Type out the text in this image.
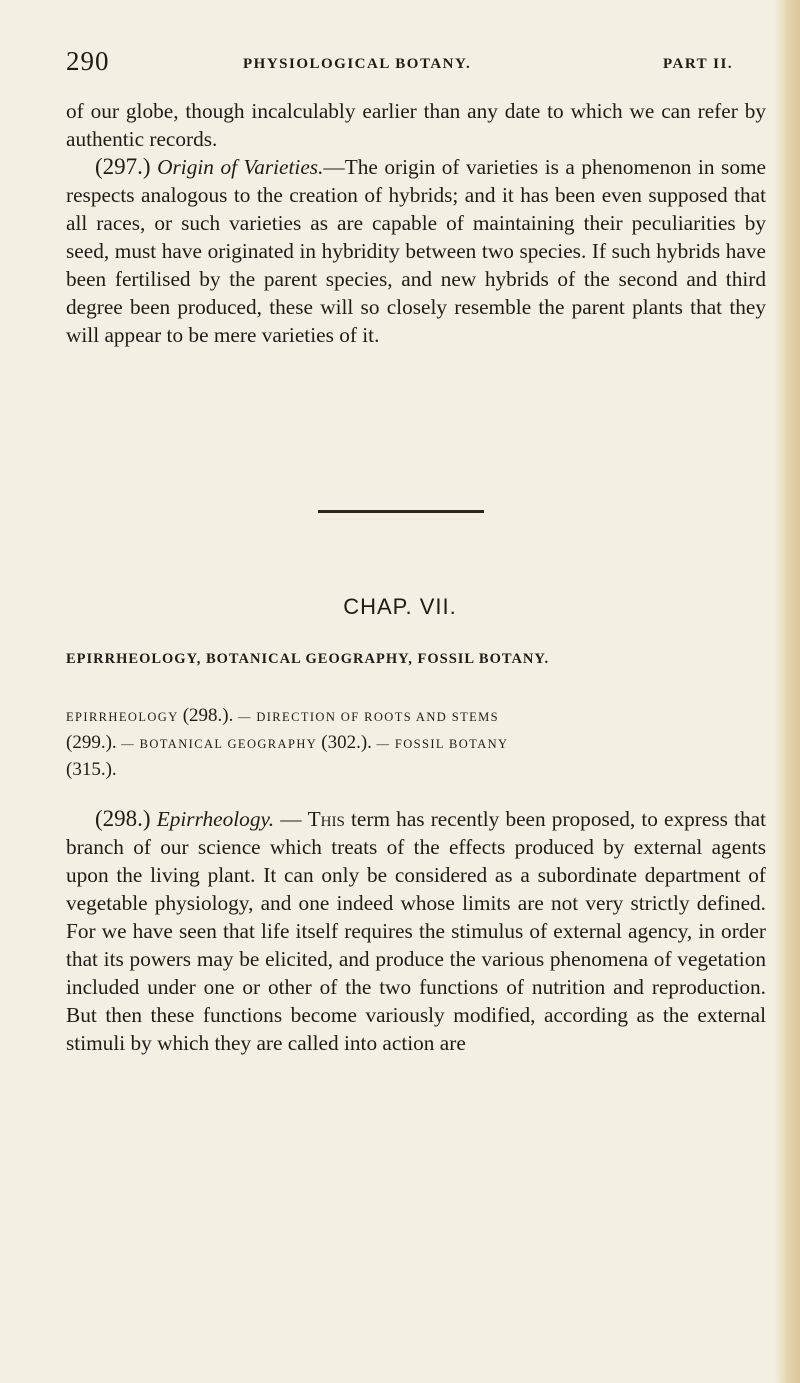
290	PHYSIOLOGICAL BOTANY.	PART II.

of our globe, though incalculably earlier than any date to which we can refer by authentic records.

(297.) Origin of Varieties.—The origin of varieties is a phenomenon in some respects analogous to the creation of hybrids; and it has been even supposed that all races, or such varieties as are capable of maintaining their peculiarities by seed, must have originated in hybridity between two species. If such hybrids have been fertilised by the parent species, and new hybrids of the second and third degree been produced, these will so closely resemble the parent plants that they will appear to be mere varieties of it.

CHAP. VII.
EPIRRHEOLOGY, BOTANICAL GEOGRAPHY, FOSSIL BOTANY.
EPIRRHEOLOGY (298.). — DIRECTION OF ROOTS AND STEMS
(299.). — BOTANICAL GEOGRAPHY (302.). — FOSSIL BOTANY
(315.).

(298.) Epirrheology. — This term has recently been proposed, to express that branch of our science which treats of the effects produced by external agents upon the living plant. It can only be considered as a subordinate department of vegetable physiology, and one indeed whose limits are not very strictly defined. For we have seen that life itself requires the stimulus of external agency, in order that its powers may be elicited, and produce the various phenomena of vegetation included under one or other of the two functions of nutrition and reproduction. But then these functions become variously modified, according as the external stimuli by which they are called into action are
